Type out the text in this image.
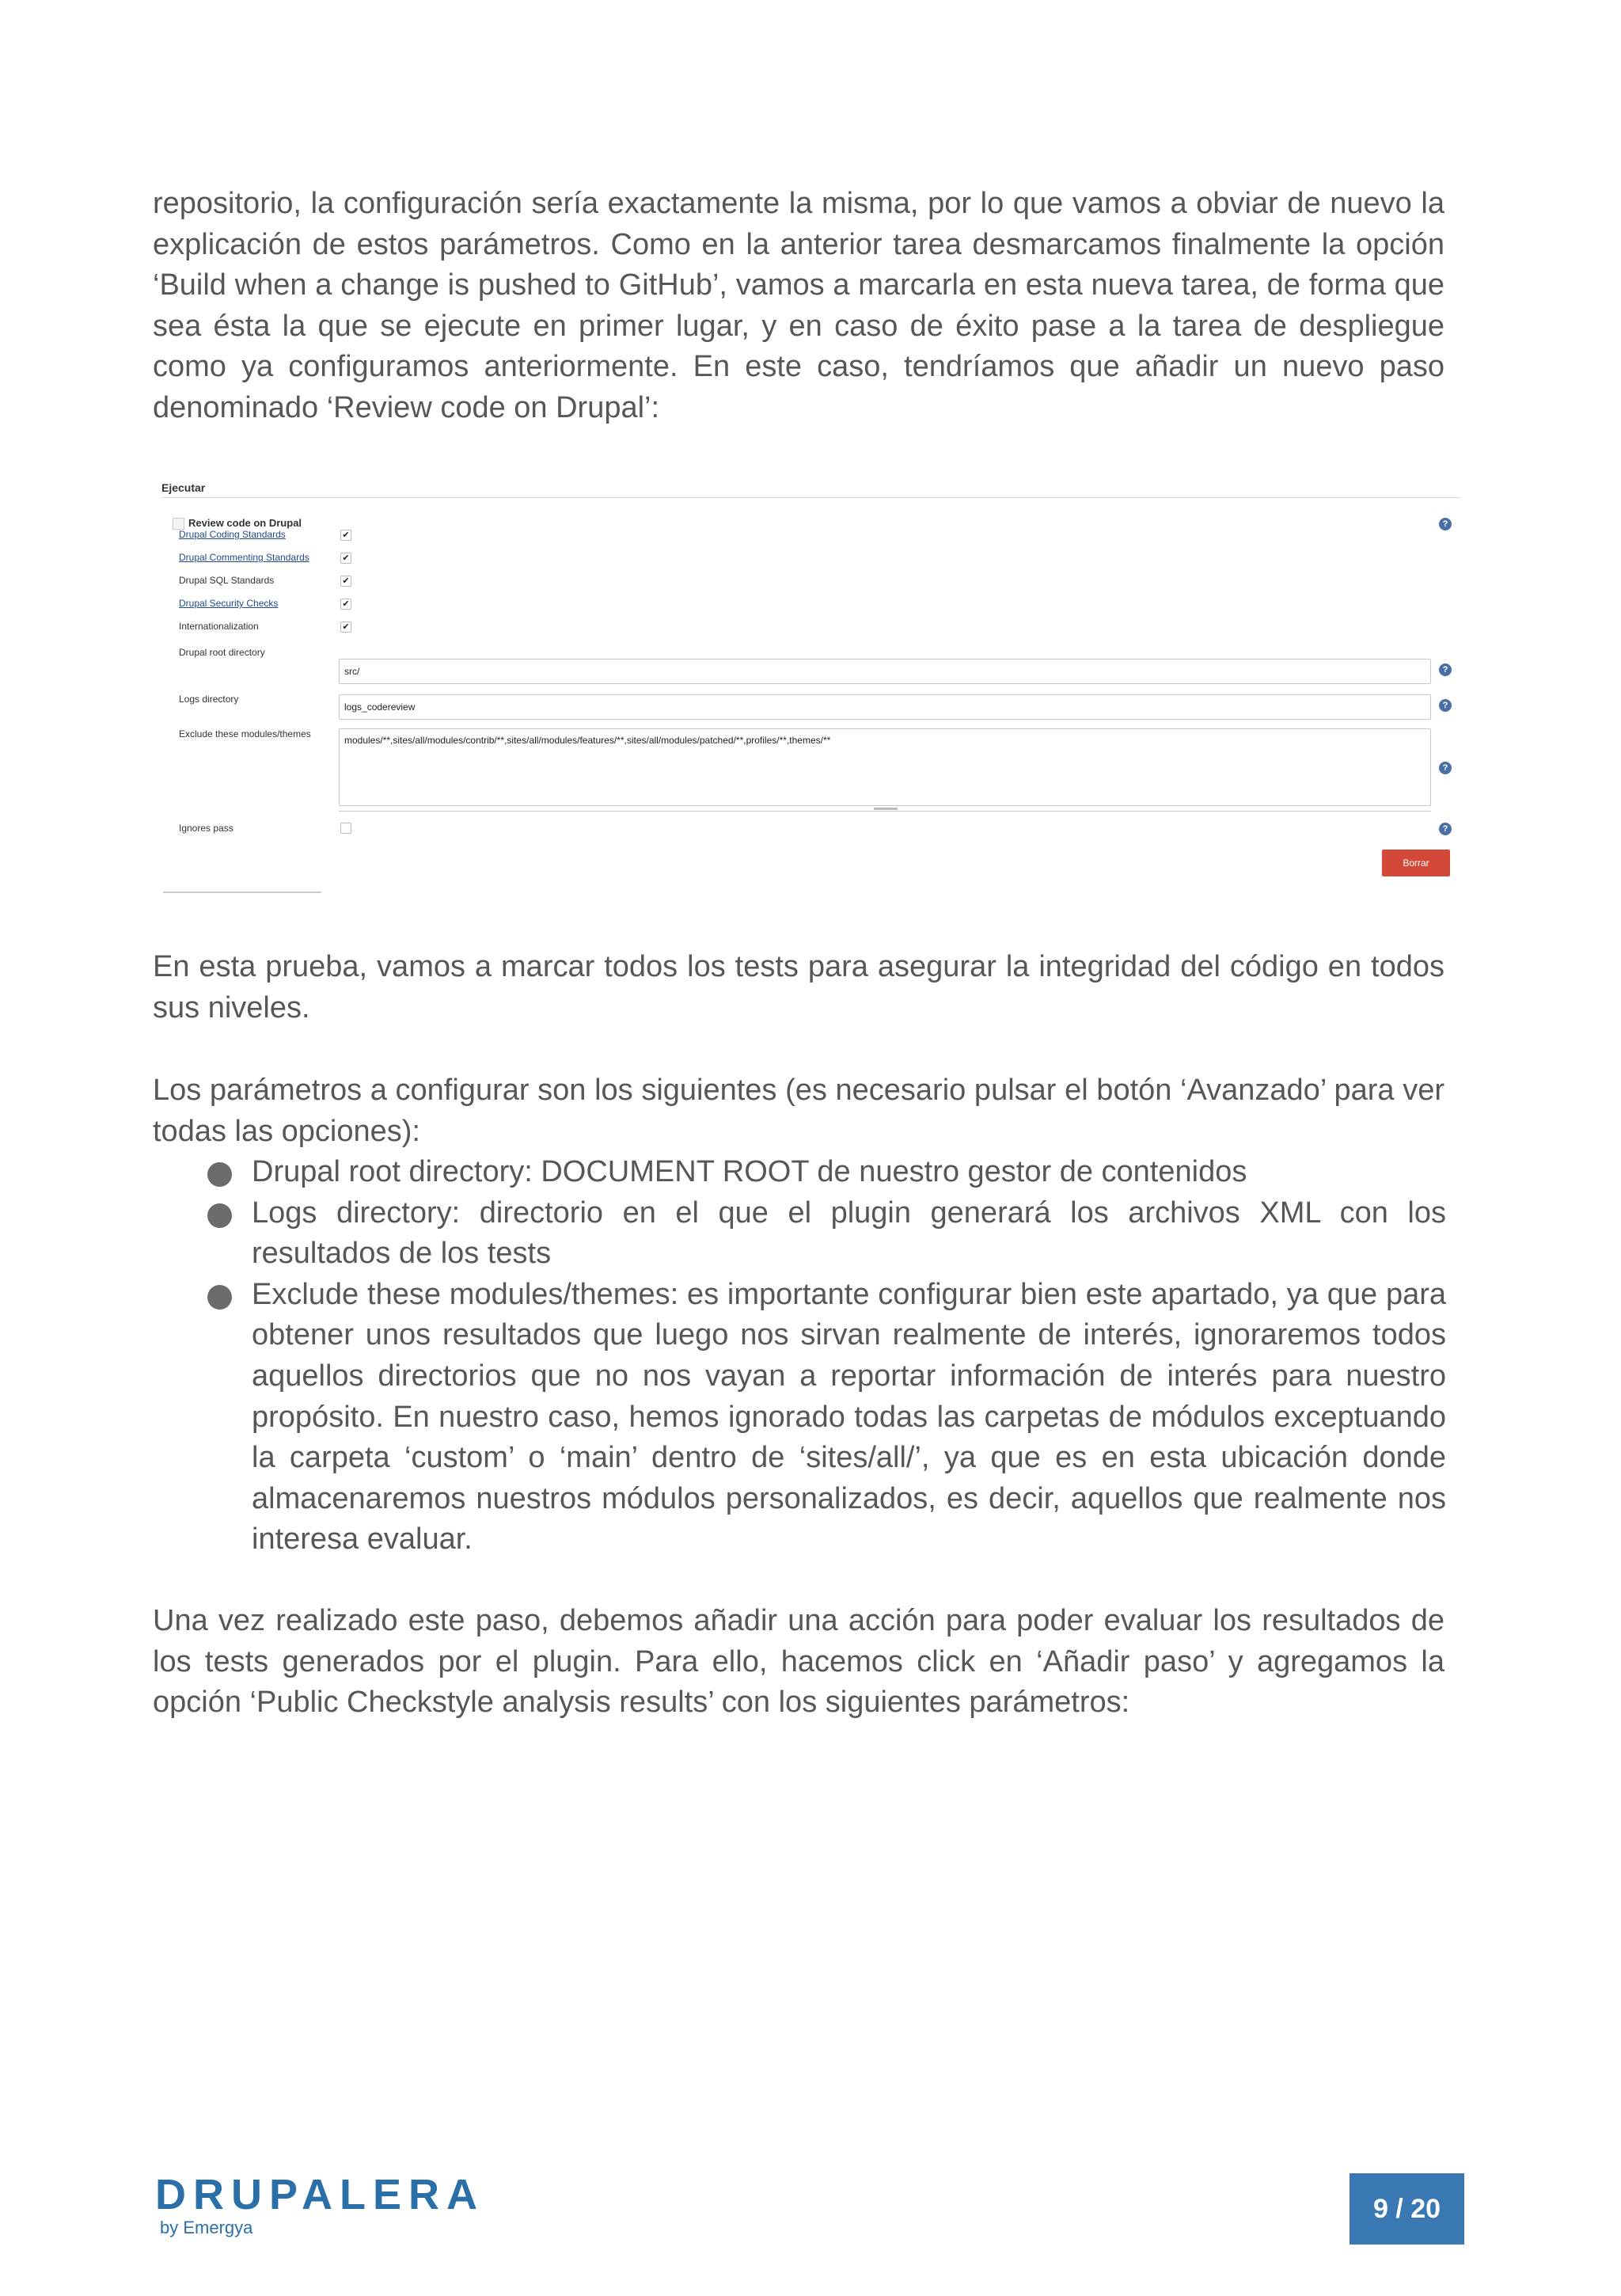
repositorio, la configuración sería exactamente la misma, por lo que vamos a obviar de nuevo la explicación de estos parámetros. Como en la anterior tarea desmarcamos finalmente la opción ‘Build when a change is pushed to GitHub’, vamos a marcarla en esta nueva tarea, de forma que sea ésta la que se ejecute en primer lugar, y en caso de éxito pase a la tarea de despliegue como ya configuramos anteriormente. En este caso, tendríamos que añadir un nuevo paso denominado ‘Review code on Drupal’:

Ejecutar
Review code on Drupal	?
Drupal Coding Standards	✔
Drupal Commenting Standards	✔
Drupal SQL Standards	✔
Drupal Security Checks	✔
Internationalization	✔
Drupal root directory
src/	?
Logs directory
logs_codereview	?
Exclude these modules/themes
modules/**,sites/all/modules/contrib/**,sites/all/modules/features/**,sites/all/modules/patched/**,profiles/**,themes/**
?
Ignores pass	?
Borrar

En esta prueba, vamos a marcar todos los tests para asegurar la integridad del código en todos sus niveles.

Los parámetros a configurar son los siguientes (es necesario pulsar el botón ‘Avanzado’ para ver todas las opciones):

Drupal root directory: DOCUMENT ROOT de nuestro gestor de contenidos
Logs directory: directorio en el que el plugin generará los archivos XML con los resultados de los tests
Exclude these modules/themes: es importante configurar bien este apartado, ya que para obtener unos resultados que luego nos sirvan realmente de interés, ignoraremos todos aquellos directorios que no nos vayan a reportar información de interés para nuestro propósito. En nuestro caso, hemos ignorado todas las carpetas de módulos exceptuando la carpeta ‘custom’ o ‘main’ dentro de ‘sites/all/’, ya que es en esta ubicación donde almacenaremos nuestros módulos personalizados, es decir, aquellos que realmente nos interesa evaluar.

Una vez realizado este paso, debemos añadir una acción para poder evaluar los resultados de los tests generados por el plugin. Para ello, hacemos click en ‘Añadir paso’ y agregamos la opción ‘Public Checkstyle analysis results’ con los siguientes parámetros:

DRUPALERA
by Emergya
9 / 20
